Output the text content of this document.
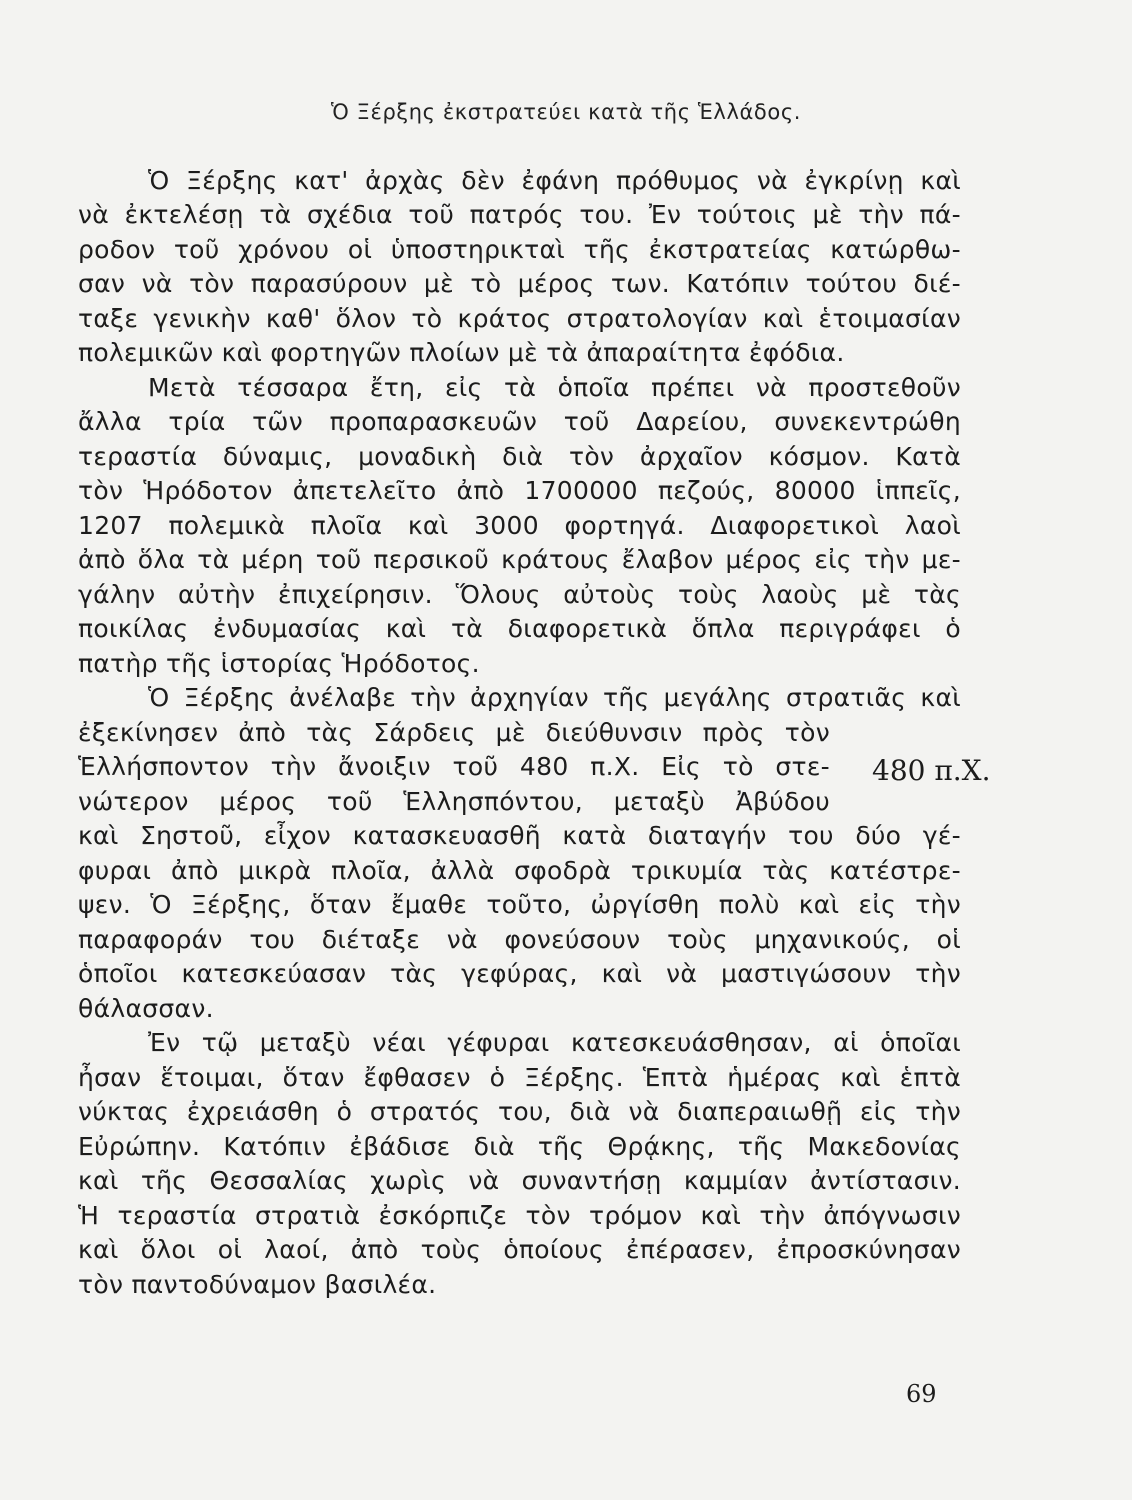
Ὁ Ξέρξης ἐκστρατεύει κατὰ τῆς Ἑλλάδος.
Ὁ Ξέρξης κατ' ἀρχὰς δὲν ἐφάνη πρόθυμος νὰ ἐγκρίνῃ καὶ
νὰ ἐκτελέσῃ τὰ σχέδια τοῦ πατρός του. Ἐν τούτοις μὲ τὴν πά-
ροδον τοῦ χρόνου οἱ ὑποστηρικταὶ τῆς ἐκστρατείας κατώρθω-
σαν νὰ τὸν παρασύρουν μὲ τὸ μέρος των. Κατόπιν τούτου διέ-
ταξε γενικὴν καθ' ὅλον τὸ κράτος στρατολογίαν καὶ ἑτοιμασίαν
πολεμικῶν καὶ φορτηγῶν πλοίων μὲ τὰ ἀπαραίτητα ἐφόδια.
Μετὰ τέσσαρα ἔτη, εἰς τὰ ὁποῖα πρέπει νὰ προστεθοῦν
ἄλλα τρία τῶν προπαρασκευῶν τοῦ Δαρείου, συνεκεντρώθη
τεραστία δύναμις, μοναδικὴ διὰ τὸν ἀρχαῖον κόσμον. Κατὰ
τὸν Ἡρόδοτον ἀπετελεῖτο ἀπὸ 1700000 πεζούς, 80000 ἱππεῖς,
1207 πολεμικὰ πλοῖα καὶ 3000 φορτηγά. Διαφορετικοὶ λαοὶ
ἀπὸ ὅλα τὰ μέρη τοῦ περσικοῦ κράτους ἔλαβον μέρος εἰς τὴν με-
γάλην αὐτὴν ἐπιχείρησιν. Ὅλους αὐτοὺς τοὺς λαοὺς μὲ τὰς
ποικίλας ἐνδυμασίας καὶ τὰ διαφορετικὰ ὅπλα περιγράφει ὁ
πατὴρ τῆς ἱστορίας Ἡρόδοτος.
Ὁ Ξέρξης ἀνέλαβε τὴν ἀρχηγίαν τῆς μεγάλης στρατιᾶς καὶ
ἐξεκίνησεν ἀπὸ τὰς Σάρδεις μὲ διεύθυνσιν πρὸς τὸν
Ἑλλήσποντον τὴν ἄνοιξιν τοῦ 480 π.Χ. Εἰς τὸ στε-
νώτερον μέρος τοῦ Ἑλλησπόντου, μεταξὺ Ἀβύδου
καὶ Σηστοῦ, εἶχον κατασκευασθῆ κατὰ διαταγήν του δύο γέ-
φυραι ἀπὸ μικρὰ πλοῖα, ἀλλὰ σφοδρὰ τρικυμία τὰς κατέστρε-
ψεν. Ὁ Ξέρξης, ὅταν ἔμαθε τοῦτο, ὠργίσθη πολὺ καὶ εἰς τὴν
παραφοράν του διέταξε νὰ φονεύσουν τοὺς μηχανικούς, οἱ
ὁποῖοι κατεσκεύασαν τὰς γεφύρας, καὶ νὰ μαστιγώσουν τὴν
θάλασσαν.
Ἐν τῷ μεταξὺ νέαι γέφυραι κατεσκευάσθησαν, αἱ ὁποῖαι
ἦσαν ἕτοιμαι, ὅταν ἔφθασεν ὁ Ξέρξης. Ἑπτὰ ἡμέρας καὶ ἑπτὰ
νύκτας ἐχρειάσθη ὁ στρατός του, διὰ νὰ διαπεραιωθῇ εἰς τὴν
Εὐρώπην. Κατόπιν ἐβάδισε διὰ τῆς Θρᾴκης, τῆς Μακεδονίας
καὶ τῆς Θεσσαλίας χωρὶς νὰ συναντήσῃ καμμίαν ἀντίστασιν.
Ἡ τεραστία στρατιὰ ἐσκόρπιζε τὸν τρόμον καὶ τὴν ἀπόγνωσιν
καὶ ὅλοι οἱ λαοί, ἀπὸ τοὺς ὁποίους ἐπέρασεν, ἐπροσκύνησαν
τὸν παντοδύναμον βασιλέα.
480 π.Χ.
69
